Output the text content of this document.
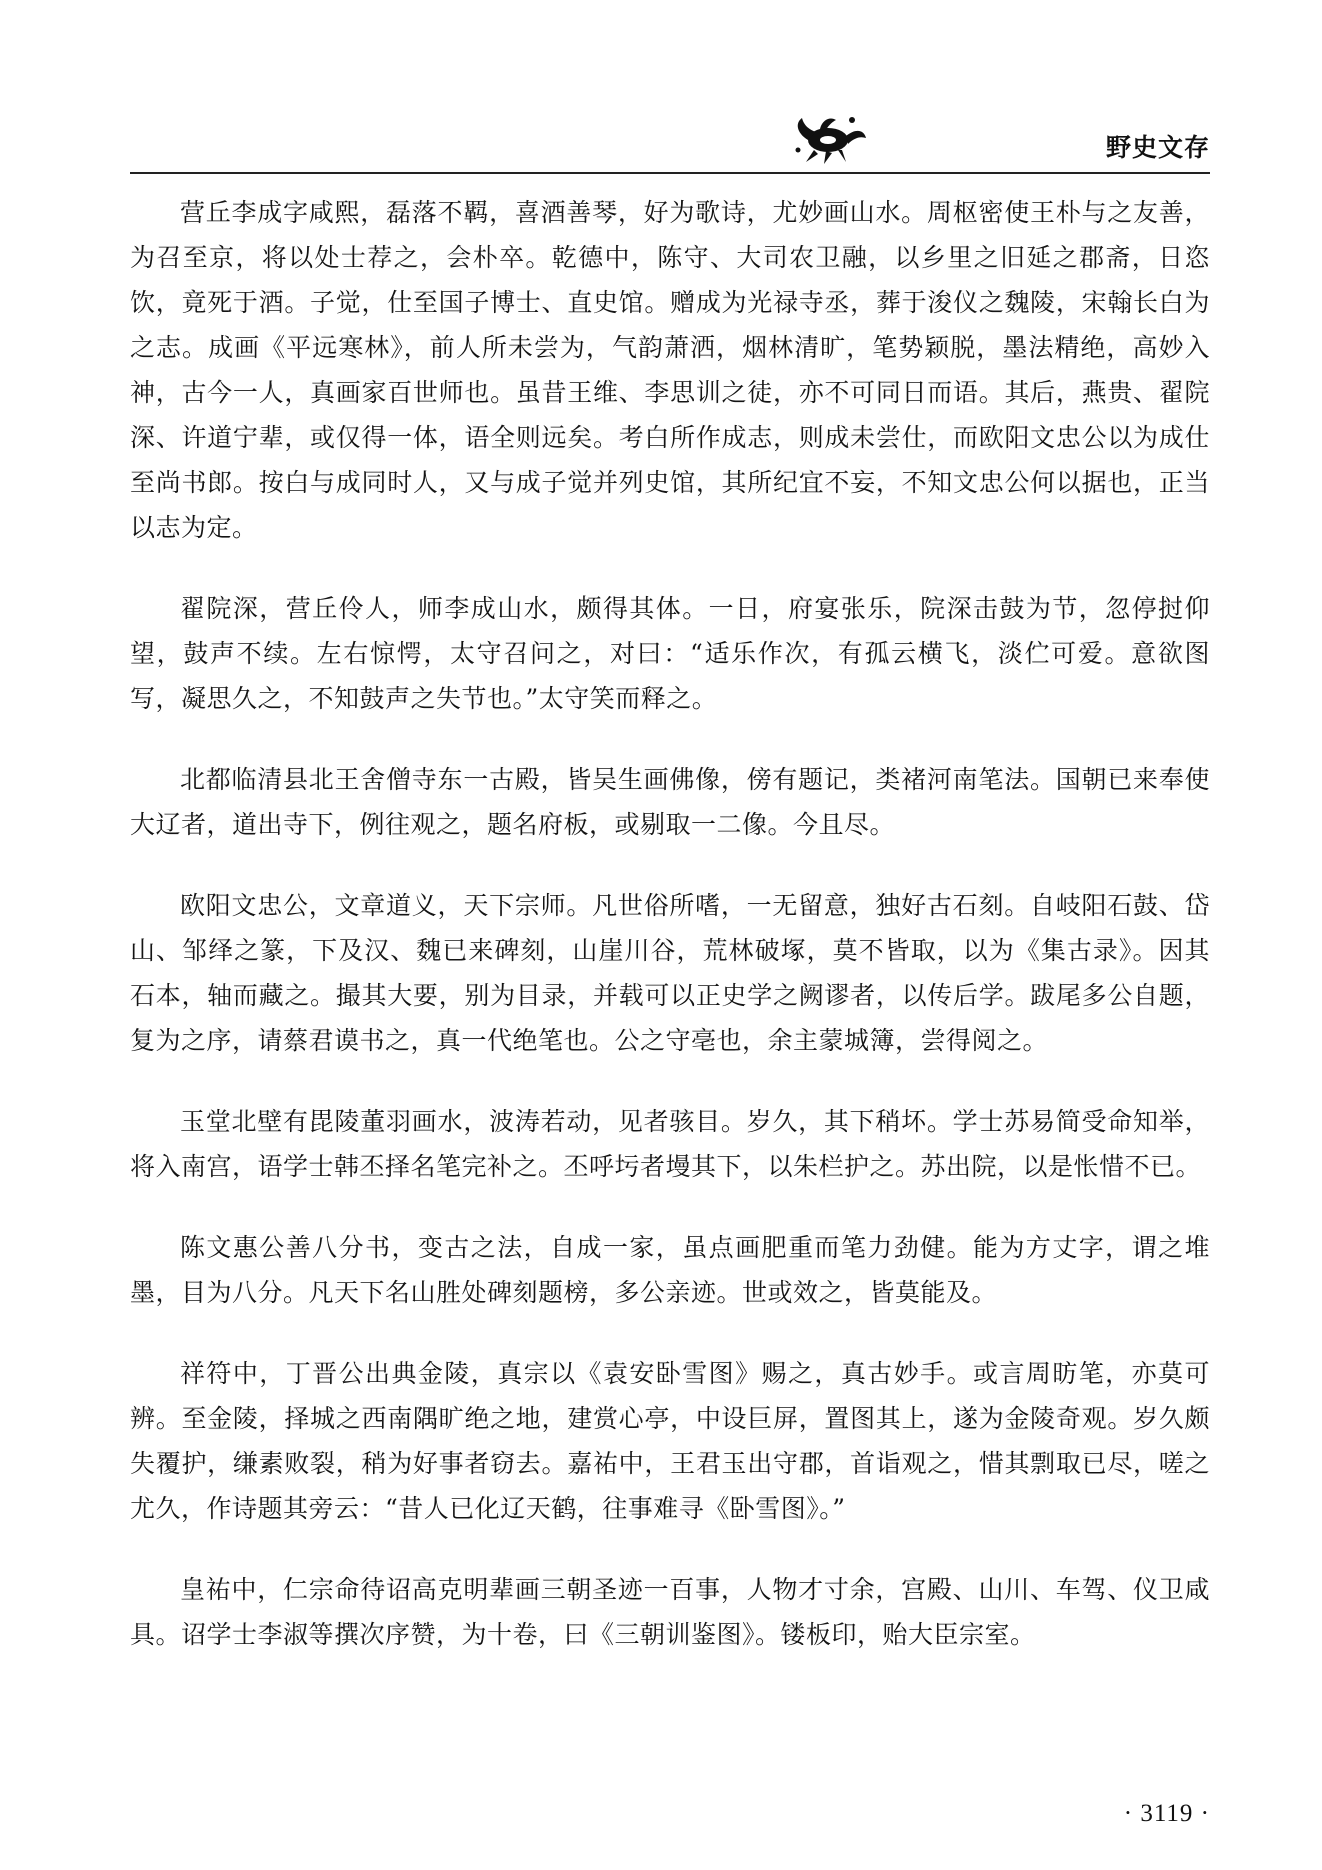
野史文存

营丘李成字咸熙，磊落不羁，喜酒善琴，好为歌诗，尤妙画山水。周枢密使王朴与之友善，为召至京，将以处士荐之，会朴卒。乾德中，陈守、大司农卫融，以乡里之旧延之郡斋，日恣饮，竟死于酒。子觉，仕至国子博士、直史馆。赠成为光禄寺丞，葬于浚仪之魏陵，宋翰长白为之志。成画《平远寒林》，前人所未尝为，气韵萧洒，烟林清旷，笔势颖脱，墨法精绝，高妙入神，古今一人，真画家百世师也。虽昔王维、李思训之徒，亦不可同日而语。其后，燕贵、翟院深、许道宁辈，或仅得一体，语全则远矣。考白所作成志，则成未尝仕，而欧阳文忠公以为成仕至尚书郎。按白与成同时人，又与成子觉并列史馆，其所纪宜不妄，不知文忠公何以据也，正当以志为定。

翟院深，营丘伶人，师李成山水，颇得其体。一日，府宴张乐，院深击鼓为节，忽停挝仰望，鼓声不续。左右惊愕，太守召问之，对曰：“适乐作次，有孤云横飞，淡伫可爱。意欲图写，凝思久之，不知鼓声之失节也。”太守笑而释之。

北都临清县北王舍僧寺东一古殿，皆吴生画佛像，傍有题记，类褚河南笔法。国朝已来奉使大辽者，道出寺下，例往观之，题名府板，或剔取一二像。今且尽。

欧阳文忠公，文章道义，天下宗师。凡世俗所嗜，一无留意，独好古石刻。自岐阳石鼓、岱山、邹绎之篆，下及汉、魏已来碑刻，山崖川谷，荒林破塚，莫不皆取，以为《集古录》。因其石本，轴而藏之。撮其大要，别为目录，并载可以正史学之阙谬者，以传后学。跋尾多公自题，复为之序，请蔡君谟书之，真一代绝笔也。公之守亳也，余主蒙城簿，尝得阅之。

玉堂北壁有毘陵董羽画水，波涛若动，见者骇目。岁久，其下稍坏。学士苏易简受命知举，将入南宫，语学士韩丕择名笔完补之。丕呼圬者墁其下，以朱栏护之。苏出院，以是怅惜不已。

陈文惠公善八分书，变古之法，自成一家，虽点画肥重而笔力劲健。能为方丈字，谓之堆墨，目为八分。凡天下名山胜处碑刻题榜，多公亲迹。世或效之，皆莫能及。

祥符中，丁晋公出典金陵，真宗以《袁安卧雪图》赐之，真古妙手。或言周昉笔，亦莫可辨。至金陵，择城之西南隅旷绝之地，建赏心亭，中设巨屏，置图其上，遂为金陵奇观。岁久颇失覆护，缣素败裂，稍为好事者窃去。嘉祐中，王君玉出守郡，首诣观之，惜其剽取已尽，嗟之尤久，作诗题其旁云：“昔人已化辽天鹤，往事难寻《卧雪图》。”

皇祐中，仁宗命待诏高克明辈画三朝圣迹一百事，人物才寸余，宫殿、山川、车驾、仪卫咸具。诏学士李淑等撰次序赞，为十卷，曰《三朝训鉴图》。镂板印，贻大臣宗室。

· 3119 ·
